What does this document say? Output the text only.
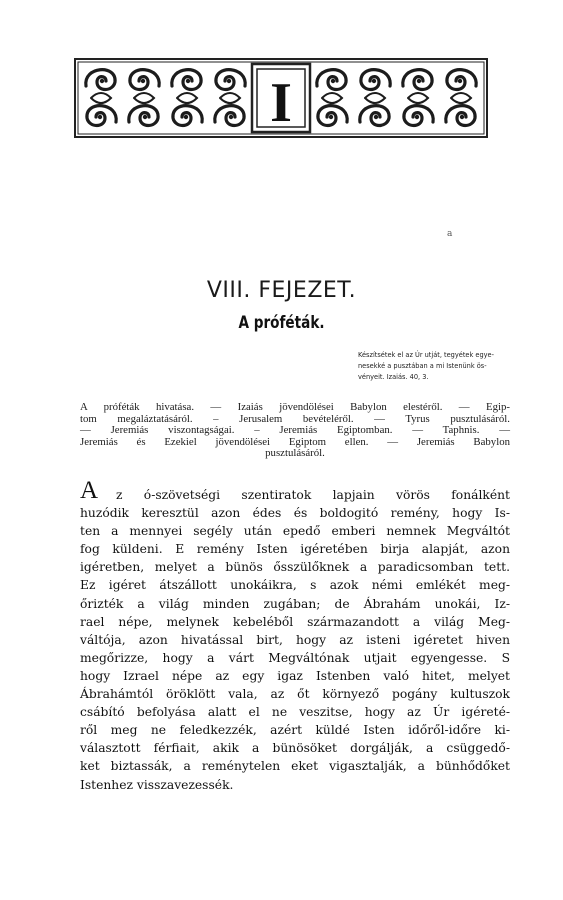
I
a
VIII. FEJEZET.
A próféták.
Készítsétek el az Úr utját, tegyétek egye-
nesekké a pusztában a mi Istenünk ös-
vényeit. Izaiás. 40, 3.
A próféták hivatása. — Izaiás jövendölései Babylon elestéről. — Egip-
tom megaláztatásáról. – Jerusalem bevételéről. — Tyrus pusztulásáról.
— Jeremiás viszontagságai. – Jeremiás Egiptomban. — Taphnis. —
Jeremiás és Ezekiel jövendölései Egiptom ellen. — Jeremiás Babylon
pusztulásáról.
A	z ó-szövetségi szentiratok lapjain vörös fonálként
huzódik keresztül azon édes és boldogitó remény, hogy Is-
ten a mennyei segély után epedő emberi nemnek Megváltót
fog küldeni. E remény Isten igéretében birja alapját, azon
igéretben, melyet a bünös ősszülőknek a paradicsomban tett.
Ez igéret átszállott unokáikra, s azok némi emlékét meg-
őrizték a világ minden zugában; de Ábrahám unokái, Iz-
rael népe, melynek kebeléből származandott a világ Meg-
váltója, azon hivatással birt, hogy az isteni igéretet hiven
megőrizze, hogy a várt Megváltónak utjait egyengesse. S
hogy Izrael népe az egy igaz Istenben való hitet, melyet
Ábrahámtól öröklött vala, az őt környező pogány kultuszok
csábító befolyása alatt el ne veszitse, hogy az Úr igéreté-
ről meg ne feledkezzék, azért küldé Isten időről-időre ki-
választott férfiait, akik a bünösöket dorgálják, a csüggedő-
ket biztassák, a reménytelen eket vigasztalják, a bünhődőket
Istenhez visszavezessék.
